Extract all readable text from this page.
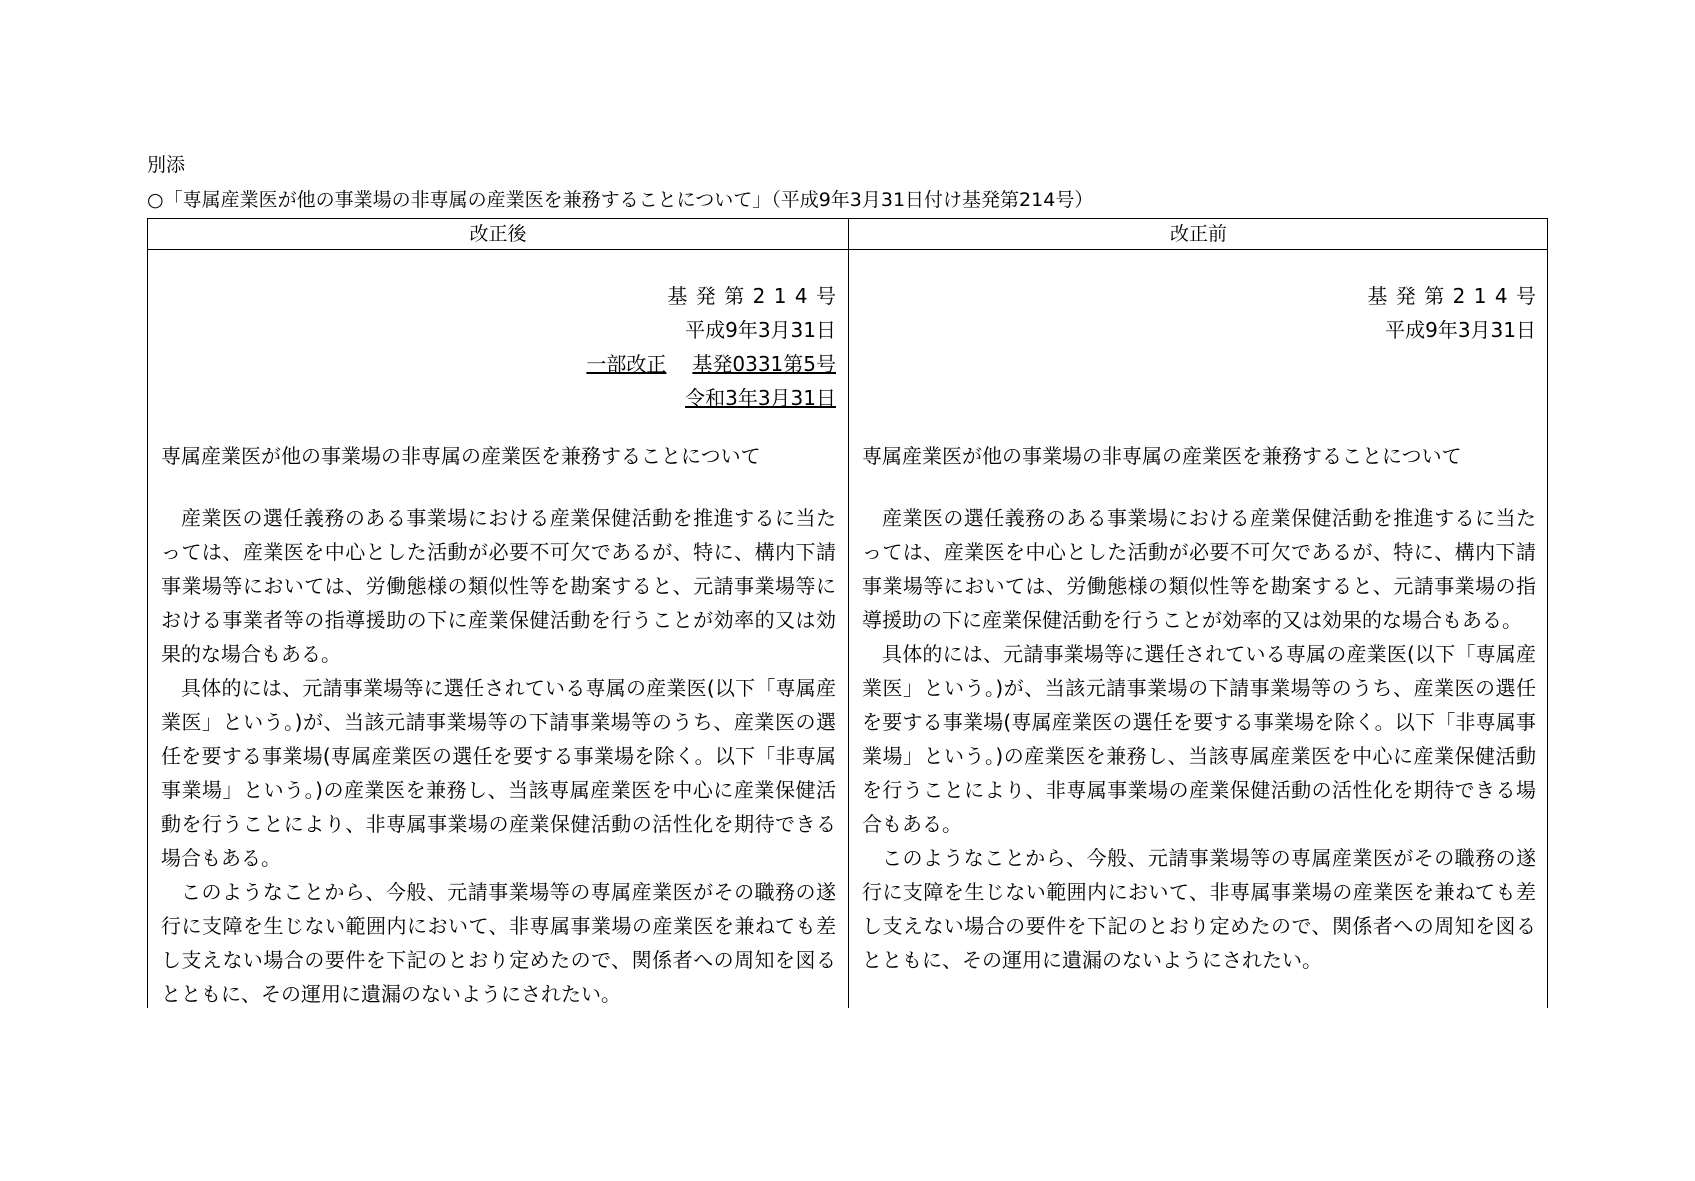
別添
○「専属産業医が他の事業場の非専属の産業医を兼務することについて」（平成9年3月31日付け基発第214号）
改正後	改正前
基発第214号
平成9年3月31日
一部改正 基発0331第5号
令和3年3月31日
専属産業医が他の事業場の非専属の産業医を兼務することについて

産業医の選任義務のある事業場における産業保健活動を推進するに当たっては、産業医を中心とした活動が必要不可欠であるが、特に、構内下請事業場等においては、労働態様の類似性等を勘案すると、元請事業場等における事業者等の指導援助の下に産業保健活動を行うことが効率的又は効果的な場合もある。

具体的には、元請事業場等に選任されている専属の産業医(以下「専属産業医」という。)が、当該元請事業場等の下請事業場等のうち、産業医の選任を要する事業場(専属産業医の選任を要する事業場を除く。以下「非専属事業場」という。)の産業医を兼務し、当該専属産業医を中心に産業保健活動を行うことにより、非専属事業場の産業保健活動の活性化を期待できる場合もある。

このようなことから、今般、元請事業場等の専属産業医がその職務の遂行に支障を生じない範囲内において、非専属事業場の産業医を兼ねても差し支えない場合の要件を下記のとおり定めたので、関係者への周知を図るとともに、その運用に遺漏のないようにされたい。

基発第214号
平成9年3月31日
専属産業医が他の事業場の非専属の産業医を兼務することについて

産業医の選任義務のある事業場における産業保健活動を推進するに当たっては、産業医を中心とした活動が必要不可欠であるが、特に、構内下請事業場等においては、労働態様の類似性等を勘案すると、元請事業場の指導援助の下に産業保健活動を行うことが効率的又は効果的な場合もある。

具体的には、元請事業場等に選任されている専属の産業医(以下「専属産業医」という。)が、当該元請事業場の下請事業場等のうち、産業医の選任を要する事業場(専属産業医の選任を要する事業場を除く。以下「非専属事業場」という。)の産業医を兼務し、当該専属産業医を中心に産業保健活動を行うことにより、非専属事業場の産業保健活動の活性化を期待できる場合もある。

このようなことから、今般、元請事業場等の専属産業医がその職務の遂行に支障を生じない範囲内において、非専属事業場の産業医を兼ねても差し支えない場合の要件を下記のとおり定めたので、関係者への周知を図るとともに、その運用に遺漏のないようにされたい。
